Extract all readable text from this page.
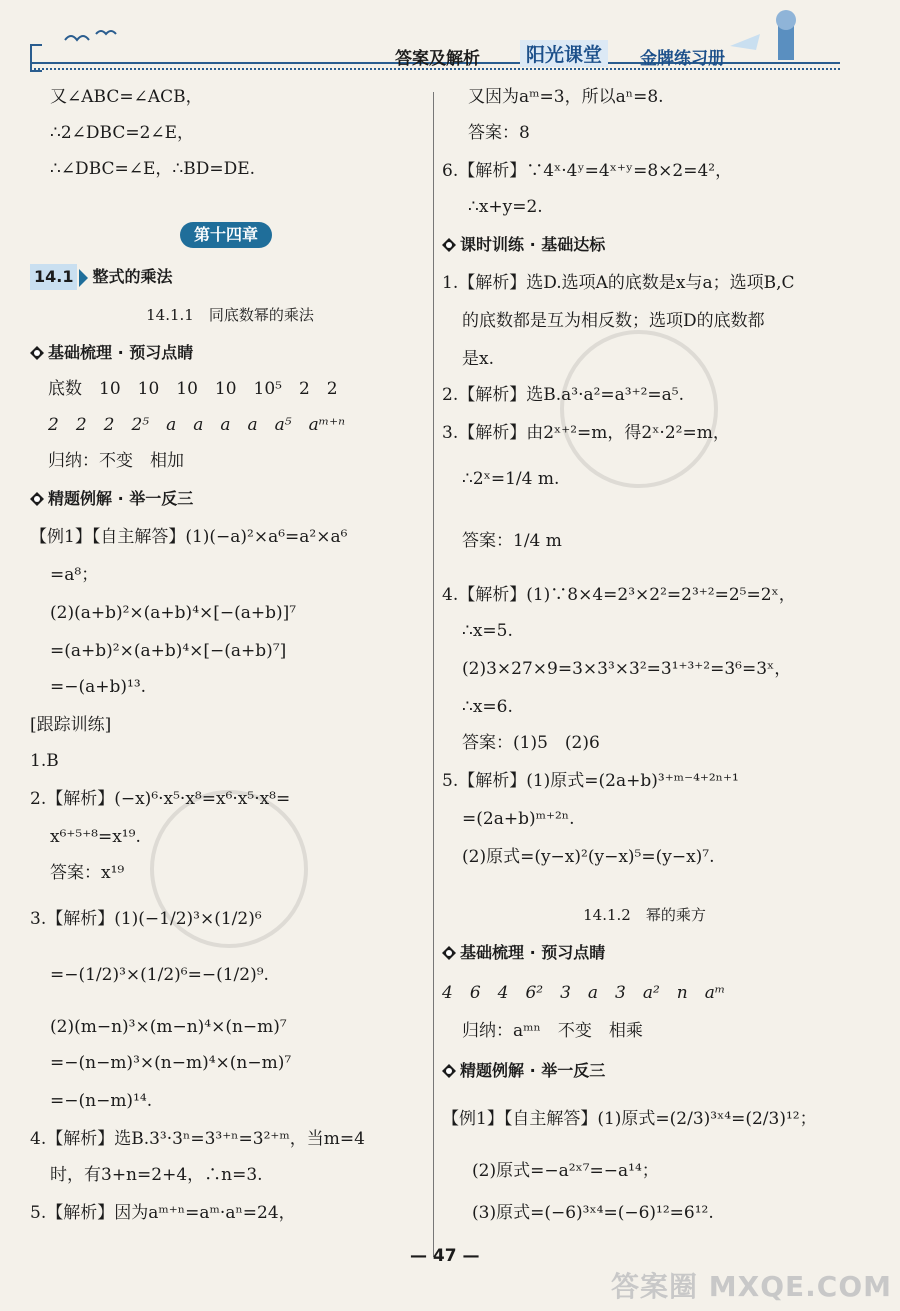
答案及解析	阳光课堂	金牌练习册
又∠ABC=∠ACB，
∴2∠DBC=2∠E，
∴∠DBC=∠E，∴BD=DE.
第十四章
14.1 整式的乘法
14.1.1　同底数幂的乘法
基础梳理 · 预习点睛
底数　10　10　10　10　10⁵　2　2
2　2　2　2⁵　a　a　a　a　a⁵　aᵐ⁺ⁿ
归纳：不变　相加
精题例解 · 举一反三
【例1】【自主解答】(1)(−a)²×a⁶=a²×a⁶
=a⁸；
(2)(a+b)²×(a+b)⁴×[−(a+b)]⁷
=(a+b)²×(a+b)⁴×[−(a+b)⁷]
=−(a+b)¹³.
[跟踪训练]
1.B
2.【解析】(−x)⁶·x⁵·x⁸=x⁶·x⁵·x⁸=
x⁶⁺⁵⁺⁸=x¹⁹.
答案：x¹⁹
3.【解析】(1)(−1/2)³×(1/2)⁶
=−(1/2)³×(1/2)⁶=−(1/2)⁹.
(2)(m−n)³×(m−n)⁴×(n−m)⁷
=−(n−m)³×(n−m)⁴×(n−m)⁷
=−(n−m)¹⁴.
4.【解析】选B.3³·3ⁿ=3³⁺ⁿ=3²⁺ᵐ，当m=4
时，有3+n=2+4，∴n=3.
5.【解析】因为aᵐ⁺ⁿ=aᵐ·aⁿ=24，
又因为aᵐ=3，所以aⁿ=8.
答案：8
6.【解析】∵4ˣ·4ʸ=4ˣ⁺ʸ=8×2=4²，
∴x+y=2.
课时训练 · 基础达标
1.【解析】选D.选项A的底数是x与a；选项B,C
的底数都是互为相反数；选项D的底数都
是x.
2.【解析】选B.a³·a²=a³⁺²=a⁵.
3.【解析】由2ˣ⁺²=m，得2ˣ·2²=m，
∴2ˣ=1/4 m.
答案：1/4 m
4.【解析】(1)∵8×4=2³×2²=2³⁺²=2⁵=2ˣ，
∴x=5.
(2)3×27×9=3×3³×3²=3¹⁺³⁺²=3⁶=3ˣ，
∴x=6.
答案：(1)5　(2)6
5.【解析】(1)原式=(2a+b)³⁺ᵐ⁻⁴⁺²ⁿ⁺¹
=(2a+b)ᵐ⁺²ⁿ.
(2)原式=(y−x)²(y−x)⁵=(y−x)⁷.
14.1.2　幂的乘方
基础梳理 · 预习点睛
4　6　4　6²　3　a　3　a²　n　aᵐ
归纳：aᵐⁿ　不变　相乘
精题例解 · 举一反三
【例1】【自主解答】(1)原式=(2/3)³ˣ⁴=(2/3)¹²；
(2)原式=−a²ˣ⁷=−a¹⁴；
(3)原式=(−6)³ˣ⁴=(−6)¹²=6¹².
— 47 —
答案圈 MXQE.COM
